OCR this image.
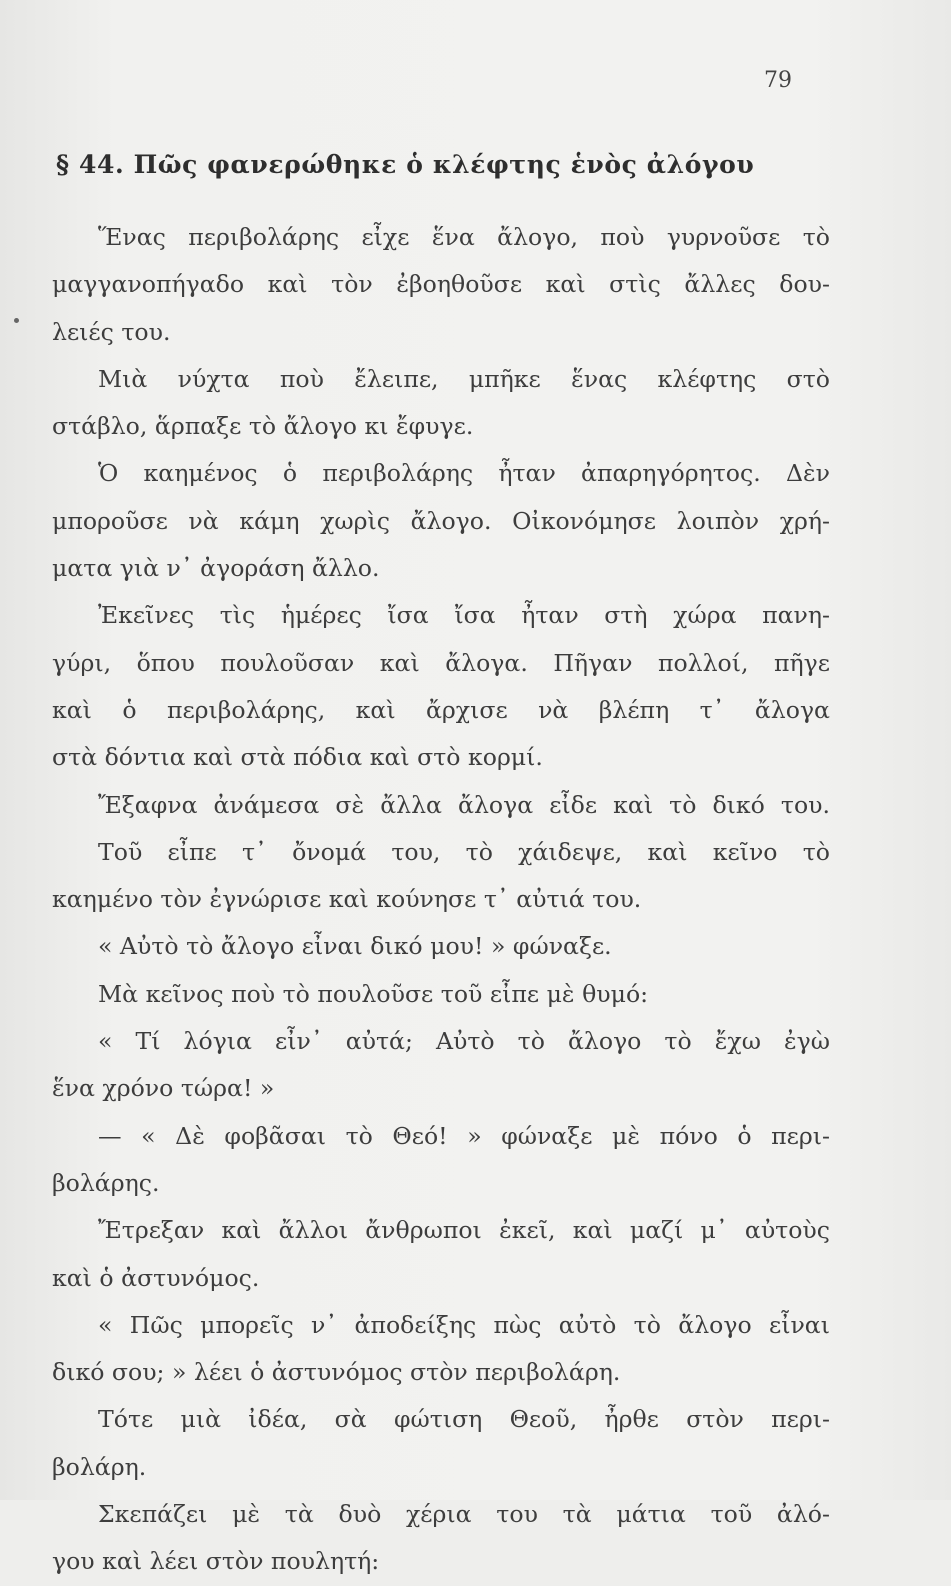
79
§ 44. Πῶς φανερώθηκε ὁ κλέφτης ἑνὸς ἀλόγου
Ἕνας περιβολάρης εἶχε ἕνα ἄλογο, ποὺ γυρνοῦσε τὸ
μαγγανοπήγαδο καὶ τὸν ἐβοηθοῦσε καὶ στὶς ἄλλες δου-
λειές του.
Μιὰ νύχτα ποὺ ἔλειπε, μπῆκε ἕνας κλέφτης στὸ
στάβλο, ἅρπαξε τὸ ἄλογο κι ἔφυγε.
Ὁ καημένος ὁ περιβολάρης ἦταν ἀπαρηγόρητος. Δὲν
μποροῦσε νὰ κάμη χωρὶς ἄλογο. Οἰκονόμησε λοιπὸν χρή-
ματα γιὰ ν᾽ ἀγοράση ἄλλο.
Ἐκεῖνες τὶς ἡμέρες ἴσα ἴσα ἦταν στὴ χώρα πανη-
γύρι, ὅπου πουλοῦσαν καὶ ἄλογα. Πῆγαν πολλοί, πῆγε
καὶ ὁ περιβολάρης, καὶ ἄρχισε νὰ βλέπη τ᾽ ἄλογα
στὰ δόντια καὶ στὰ πόδια καὶ στὸ κορμί.
Ἔξαφνα ἀνάμεσα σὲ ἄλλα ἄλογα εἶδε καὶ τὸ δικό του.
Τοῦ εἶπε τ᾽ ὄνομά του, τὸ χάιδεψε, καὶ κεῖνο τὸ
καημένο τὸν ἐγνώρισε καὶ κούνησε τ᾽ αὐτιά του.
« Αὐτὸ τὸ ἄλογο εἶναι δικό μου! » φώναξε.
Μὰ κεῖνος ποὺ τὸ πουλοῦσε τοῦ εἶπε μὲ θυμό:
« Τί λόγια εἶν᾽ αὐτά; Αὐτὸ τὸ ἄλογο τὸ ἔχω ἐγὼ
ἕνα χρόνο τώρα! »
— « Δὲ φοβᾶσαι τὸ Θεό! » φώναξε μὲ πόνο ὁ περι-
βολάρης.
Ἔτρεξαν καὶ ἄλλοι ἄνθρωποι ἐκεῖ, καὶ μαζί μ᾽ αὐτοὺς
καὶ ὁ ἀστυνόμος.
« Πῶς μπορεῖς ν᾽ ἀποδείξης πὼς αὐτὸ τὸ ἄλογο εἶναι
δικό σου; » λέει ὁ ἀστυνόμος στὸν περιβολάρη.
Τότε μιὰ ἰδέα, σὰ φώτιση Θεοῦ, ἦρθε στὸν περι-
βολάρη.
Σκεπάζει μὲ τὰ δυὸ χέρια του τὰ μάτια τοῦ ἀλό-
γου καὶ λέει στὸν πουλητή:
